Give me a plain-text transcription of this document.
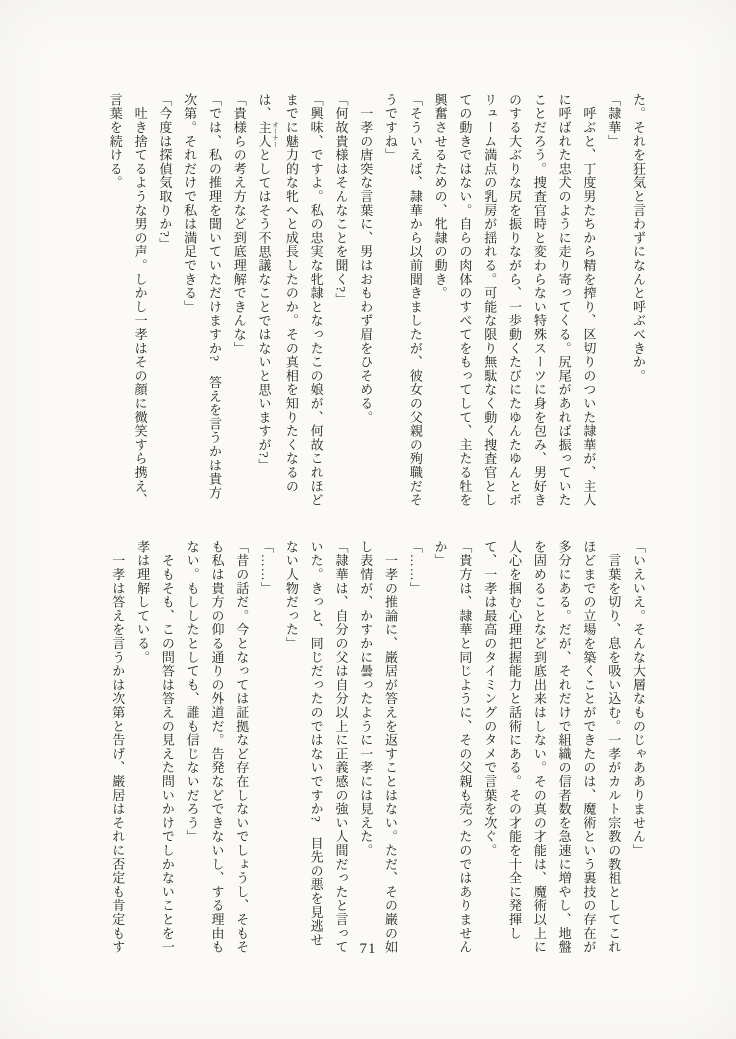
た。それを狂気と言わずになんと呼ぶべきか。

「隷華」

　呼ぶと、丁度男たちから精を搾り、区切りのついた隷華が、主人

に呼ばれた忠犬のように走り寄ってくる。尻尾があれば振っていた

ことだろう。捜査官時と変わらない特殊スーツに身を包み、男好き

のする大ぶりな尻を振りながら、一歩動くたびにたゆんたゆんとボ

リューム満点の乳房が揺れる。可能な限り無駄なく動く捜査官とし

ての動きではない。自らの肉体のすべてをもってして、主たる牡を

興奮させるための、牝隷の動き。

「そういえば、隷華から以前聞きましたが、彼女の父親の殉職だそ

うですね」

　一孝の唐突な言葉に、男はおもわず眉をひそめる。

「何故貴様はそんなことを聞く?」

「興味、ですよ。私の忠実な牝隷となったこの娘が、何故これほど

までに魅力的な牝へと成長したのか。その真相を知りたくなるの

は、主人 オーナーとしてはそう不思議なことではないと思いますが?」

「貴様らの考え方など到底理解できんな」

「では、私の推理を聞いていただけますか?　答えを言うかは貴方

次第。それだけで私は満足できる」

「今度は探偵気取りか?」

　吐き捨てるような男の声。しかし一孝はその顔に微笑すら携え、

言葉を続ける。

「いえいえ。そんな大層なものじゃあありません」

　言葉を切り、息を吸い込む。一孝がカルト宗教の教祖としてこれ

ほどまでの立場を築くことができたのは、魔術という裏技の存在が

多分にある。だが、それだけで組織の信者数を急速に増やし、地盤

を固めることなど到底出来はしない。その真の才能は、魔術以上に

人心を掴む心理把握能力と話術にある。その才能を十全に発揮し

て、一孝は最高のタイミングのタメで言葉を次ぐ。

「貴方は、隷華と同じように、その父親も売ったのではありません

か」

「……」

　一孝の推論に、巌居が答えを返すことはない。ただ、その巌の如

し表情が、かすかに曇ったように一孝には見えた。

「隷華は、自分の父は自分以上に正義感の強い人間だったと言って

いた。きっと、同じだったのではないですか?　目先の悪を見逃せ

ない人物だった」

「……」

「昔の話だ。今となっては証拠など存在しないでしょうし、そもそ

も私は貴方の仰る通りの外道だ。告発などできないし、する理由も

ない。もししたとしても、誰も信じないだろう」

　そもそも、この問答は答えの見えた問いかけでしかないことを一

孝は理解している。

　一孝は答えを言うかは次第と告げ、巌居はそれに否定も肯定もす	71
